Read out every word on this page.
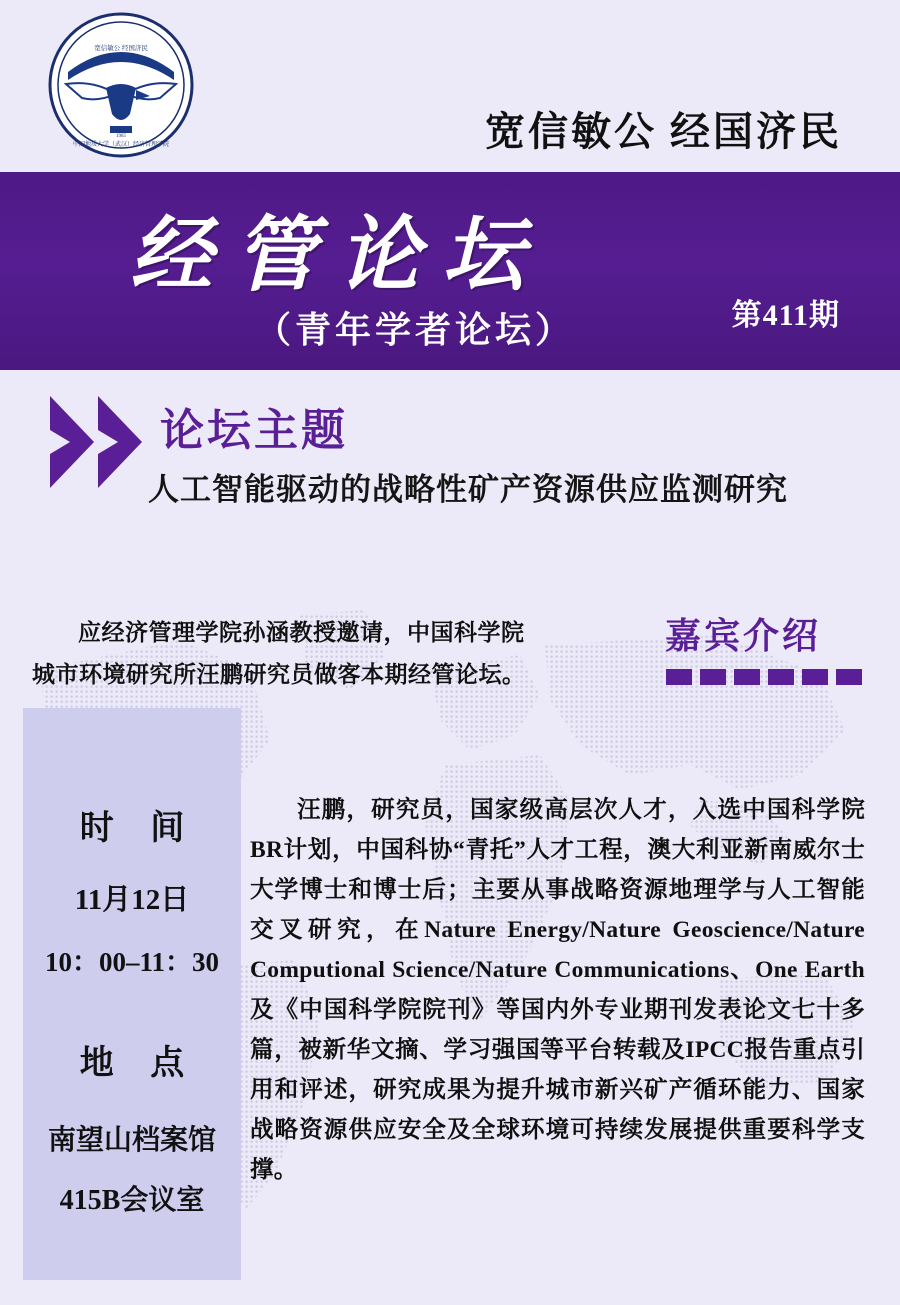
宽信敏公 经国济民
中国地质大学（武汉）经济管理学院
1985	宽信敏公 经国济民
经管论坛
（青年学者论坛）	第411期
论坛主题
人工智能驱动的战略性矿产资源供应监测研究
应经济管理学院孙涵教授邀请，中国科学院
城市环境研究所汪鹏研究员做客本期经管论坛。
嘉宾介绍
时 间
11月12日
10：00–11：30
地 点
南望山档案馆
415B会议室
汪鹏，研究员，国家级高层次人才，入选中国科学院BR计划，中国科协“青托”人才工程，澳大利亚新南威尔士大学博士和博士后；主要从事战略资源地理学与人工智能交叉研究，在Nature Energy/Nature Geoscience/Nature Computional Science/Nature Communications、One Earth及《中国科学院院刊》等国内外专业期刊发表论文七十多篇，被新华文摘、学习强国等平台转载及IPCC报告重点引用和评述，研究成果为提升城市新兴矿产循环能力、国家战略资源供应安全及全球环境可持续发展提供重要科学支撑。
